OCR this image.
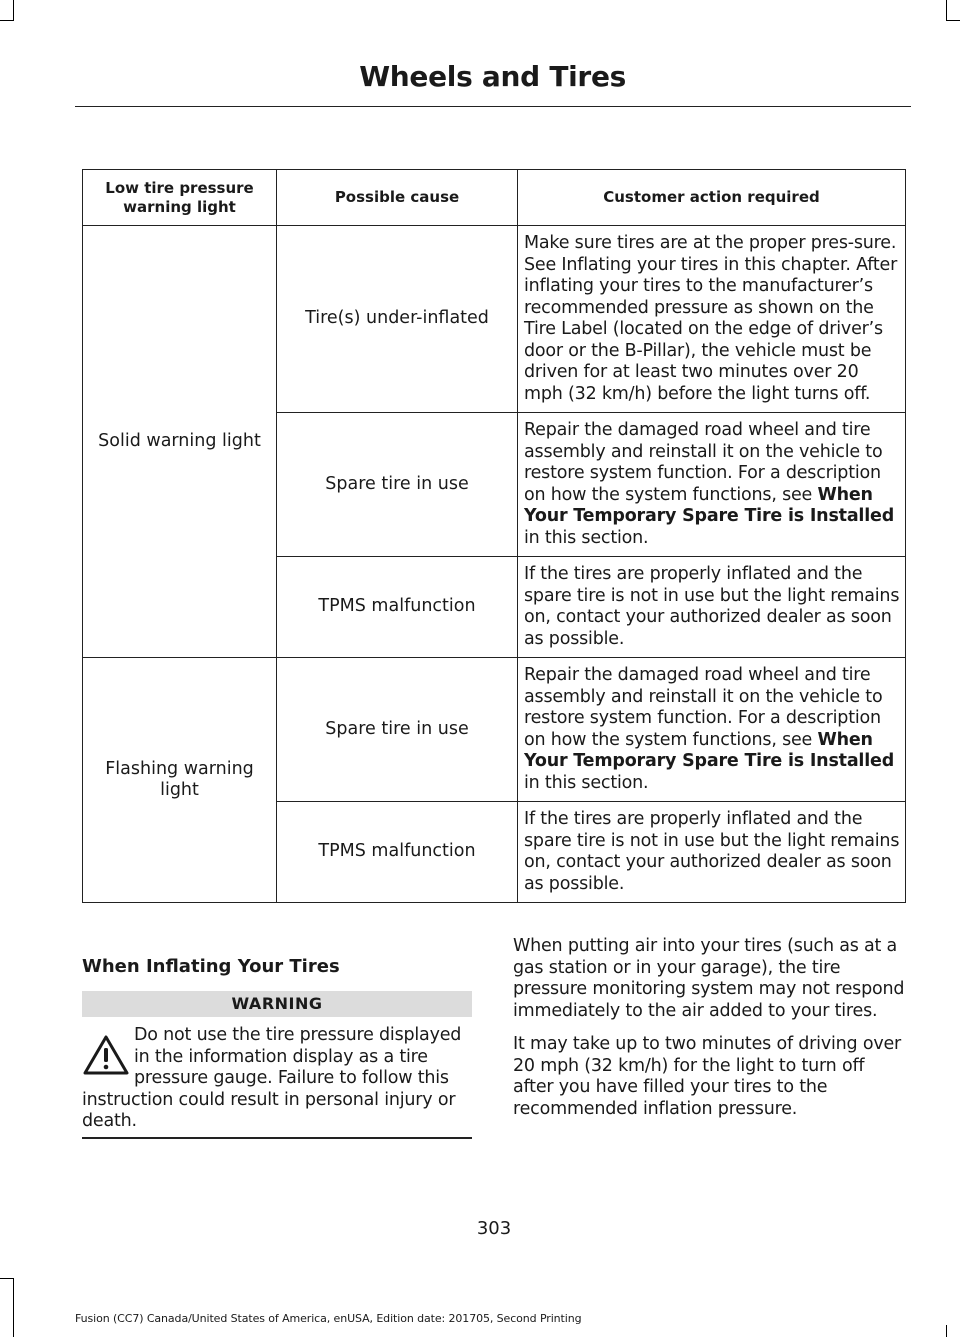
Wheels and Tires
Low tire pressure warning light	Possible cause	Customer action required
Solid warning light	Tire(s) under-inflated	Make sure tires are at the proper pres-sure. See Inflating your tires in this chapter. After inflating your tires to the manufacturer’s recommended pressure as shown on the Tire Label (located on the edge of driver’s door or the B-Pillar), the vehicle must be driven for at least two minutes over 20 mph (32 km/h) before the light turns off.
	Spare tire in use	Repair the damaged road wheel and tire assembly and reinstall it on the vehicle to restore system function. For a description on how the system functions, see When Your Temporary Spare Tire is Installed in this section.
	TPMS malfunction	If the tires are properly inflated and the spare tire is not in use but the light remains on, contact your authorized dealer as soon as possible.
Flashing warning light	Spare tire in use	Repair the damaged road wheel and tire assembly and reinstall it on the vehicle to restore system function. For a description on how the system functions, see When Your Temporary Spare Tire is Installed in this section.
	TPMS malfunction	If the tires are properly inflated and the spare tire is not in use but the light remains on, contact your authorized dealer as soon as possible.
When Inflating Your Tires
WARNING

Do not use the tire pressure displayed in the information display as a tire pressure gauge. Failure to follow this instruction could result in personal injury or death.

When putting air into your tires (such as at a gas station or in your garage), the tire pressure monitoring system may not respond immediately to the air added to your tires.

It may take up to two minutes of driving over 20 mph (32 km/h) for the light to turn off after you have filled your tires to the recommended inflation pressure.

303
Fusion (CC7) Canada/United States of America, enUSA, Edition date: 201705, Second Printing
